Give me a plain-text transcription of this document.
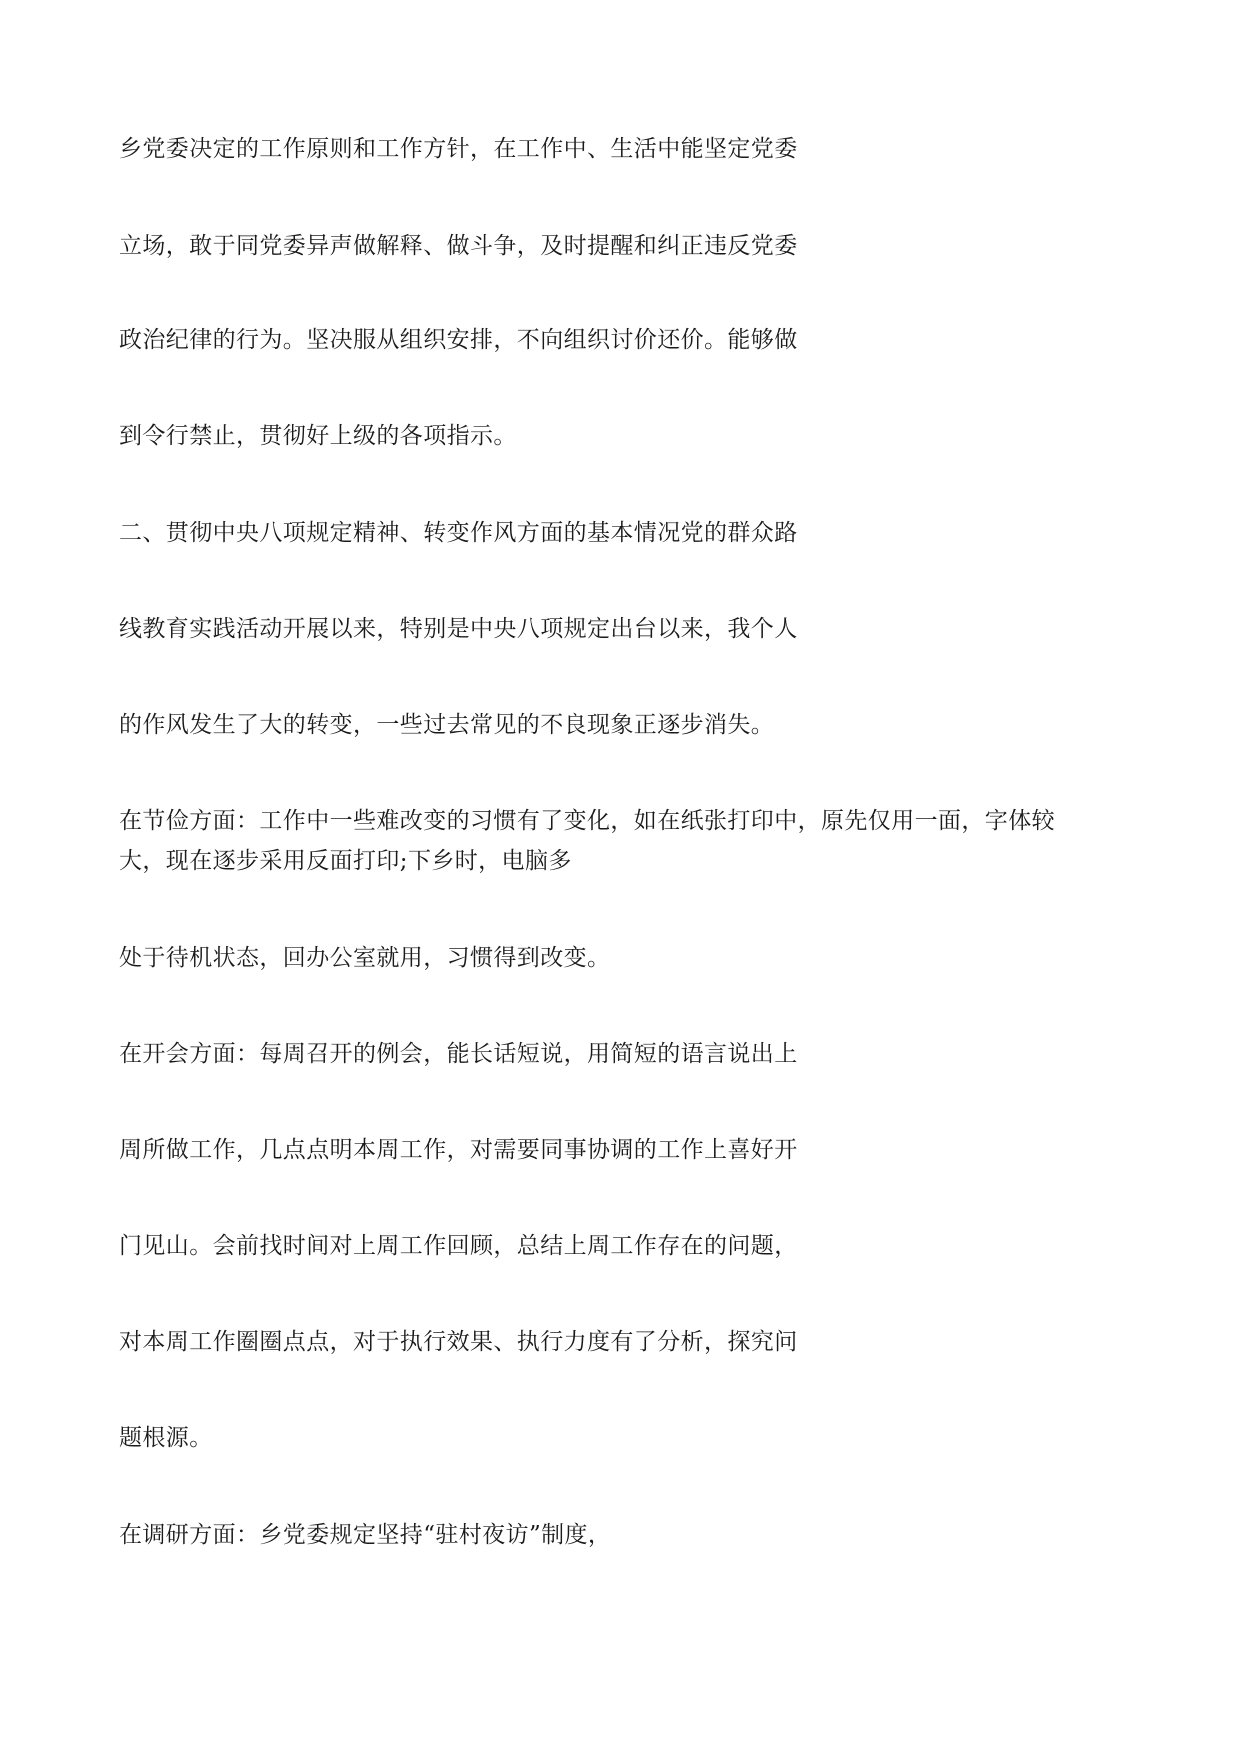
乡党委决定的工作原则和工作方针，在工作中、生活中能坚定党委
立场，敢于同党委异声做解释、做斗争，及时提醒和纠正违反党委
政治纪律的行为。坚决服从组织安排，不向组织讨价还价。能够做
到令行禁止，贯彻好上级的各项指示。
二、贯彻中央八项规定精神、转变作风方面的基本情况党的群众路
线教育实践活动开展以来，特别是中央八项规定出台以来，我个人
的作风发生了大的转变，一些过去常见的不良现象正逐步消失。
在节俭方面：工作中一些难改变的习惯有了变化，如在纸张打印中，原先仅用一面，字体较
大，现在逐步采用反面打印;下乡时，电脑多
处于待机状态，回办公室就用，习惯得到改变。
在开会方面：每周召开的例会，能长话短说，用简短的语言说出上
周所做工作，几点点明本周工作，对需要同事协调的工作上喜好开
门见山。会前找时间对上周工作回顾，总结上周工作存在的问题，
对本周工作圈圈点点，对于执行效果、执行力度有了分析，探究问
题根源。
在调研方面：乡党委规定坚持“驻村夜访”制度，
